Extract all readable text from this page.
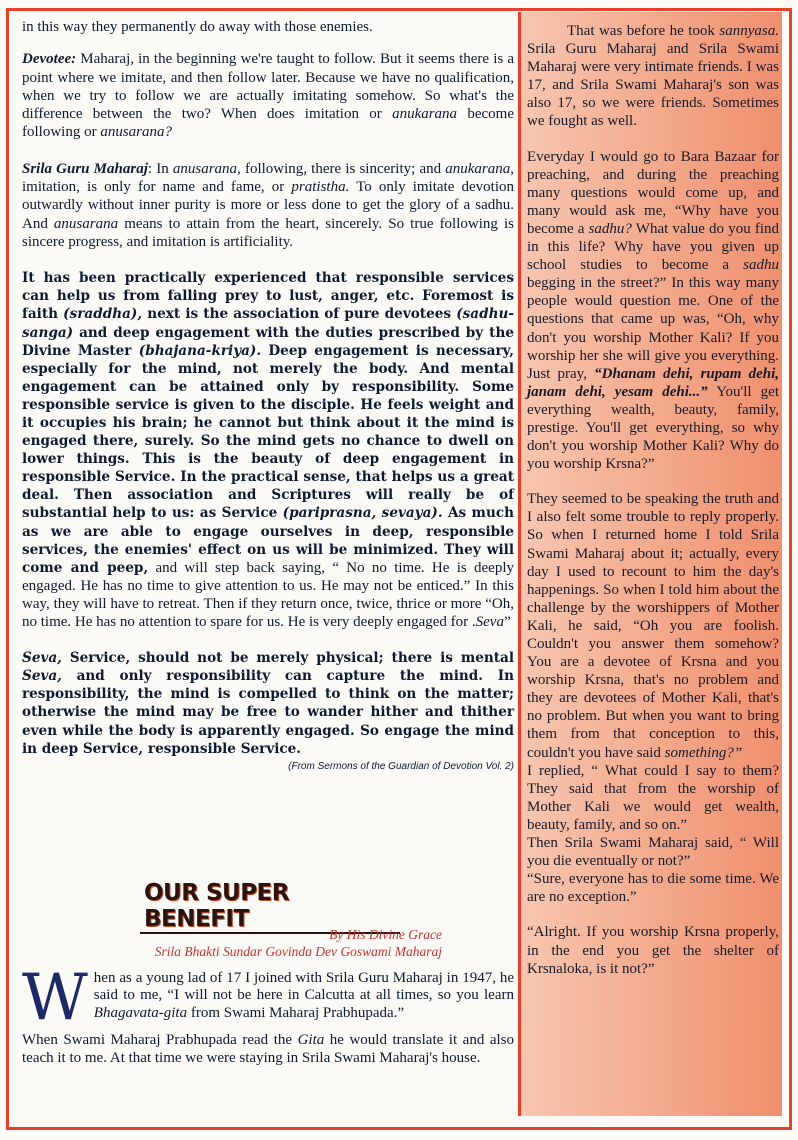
in this way they permanently do away with those enemies.

Devotee: Maharaj, in the beginning we're taught to follow. But it seems there is a point where we imitate, and then follow later. Because we have no qualification, when we try to follow we are actually imitating somehow. So what's the difference between the two? When does imitation or anukarana become following or anusarana?

Srila Guru Maharaj: In anusarana, following, there is sincerity; and anukarana, imitation, is only for name and fame, or pratistha. To only imitate devotion outwardly without inner purity is more or less done to get the glory of a sadhu. And anusarana means to attain from the heart, sincerely. So true following is sincere progress, and imitation is artificiality.

It has been practically experienced that responsible services can help us from falling prey to lust, anger, etc. Foremost is faith (sraddha), next is the association of pure devotees (sadhu-sanga) and deep engagement with the duties prescribed by the Divine Master (bhajana-kriya). Deep engagement is necessary, especially for the mind, not merely the body. And mental engagement can be attained only by responsibility. Some responsible service is given to the disciple. He feels weight and it occupies his brain; he cannot but think about it the mind is engaged there, surely. So the mind gets no chance to dwell on lower things. This is the beauty of deep engagement in responsible Service. In the practical sense, that helps us a great deal. Then association and Scriptures will really be of substantial help to us: as Service (pariprasna, sevaya). As much as we are able to engage ourselves in deep, responsible services, the enemies' effect on us will be minimized. They will come and peep, and will step back saying, “ No no time. He is deeply engaged. He has no time to give attention to us. He may not be enticed.” In this way, they will have to retreat. Then if they return once, twice, thrice or more “Oh, no time. He has no attention to spare for us. He is very deeply engaged for .Seva”

Seva, Service, should not be merely physical; there is mental Seva, and only responsibility can capture the mind. In responsibility, the mind is compelled to think on the matter; otherwise the mind may be free to wander hither and thither even while the body is apparently engaged. So engage the mind in deep Service, responsible Service.

(From Sermons of the Guardian of Devotion Vol. 2)

OUR SUPER BENEFIT
By His Divine Grace
Srila Bhakti Sundar Govinda Dev Goswami Maharaj

When as a young lad of 17 I joined with Srila Guru Maharaj in 1947, he said to me, “I will not be here in Calcutta at all times, so you learn Bhagavata-gita from Swami Maharaj Prabhupada.”

When Swami Maharaj Prabhupada read the Gita he would translate it and also teach it to me. At that time we were staying in Srila Swami Maharaj's house.

That was before he took sannyasa. Srila Guru Maharaj and Srila Swami Maharaj were very intimate friends. I was 17, and Srila Swami Maharaj's son was also 17, so we were friends. Sometimes we fought as well.

Everyday I would go to Bara Bazaar for preaching, and during the preaching many questions would come up, and many would ask me, “Why have you become a sadhu? What value do you find in this life? Why have you given up school studies to become a sadhu begging in the street?” In this way many people would question me. One of the questions that came up was, “Oh, why don't you worship Mother Kali? If you worship her she will give you everything. Just pray, “Dhanam dehi, rupam dehi, janam dehi, yesam dehi...” You'll get everything wealth, beauty, family, prestige. You'll get everything, so why don't you worship Mother Kali? Why do you worship Krsna?”

They seemed to be speaking the truth and I also felt some trouble to reply properly. So when I returned home I told Srila Swami Maharaj about it; actually, every day I used to recount to him the day's happenings. So when I told him about the challenge by the worshippers of Mother Kali, he said, “Oh you are foolish. Couldn't you answer them somehow? You are a devotee of Krsna and you worship Krsna, that's no problem and they are devotees of Mother Kali, that's no problem. But when you want to bring them from that conception to this, couldn't you have said something?”

I replied, “ What could I say to them? They said that from the worship of Mother Kali we would get wealth, beauty, family, and so on.”

Then Srila Swami Maharaj said, “ Will you die eventually or not?”

“Sure, everyone has to die some time. We are no exception.”

“Alright. If you worship Krsna properly, in the end you get the shelter of Krsnaloka, is it not?”
